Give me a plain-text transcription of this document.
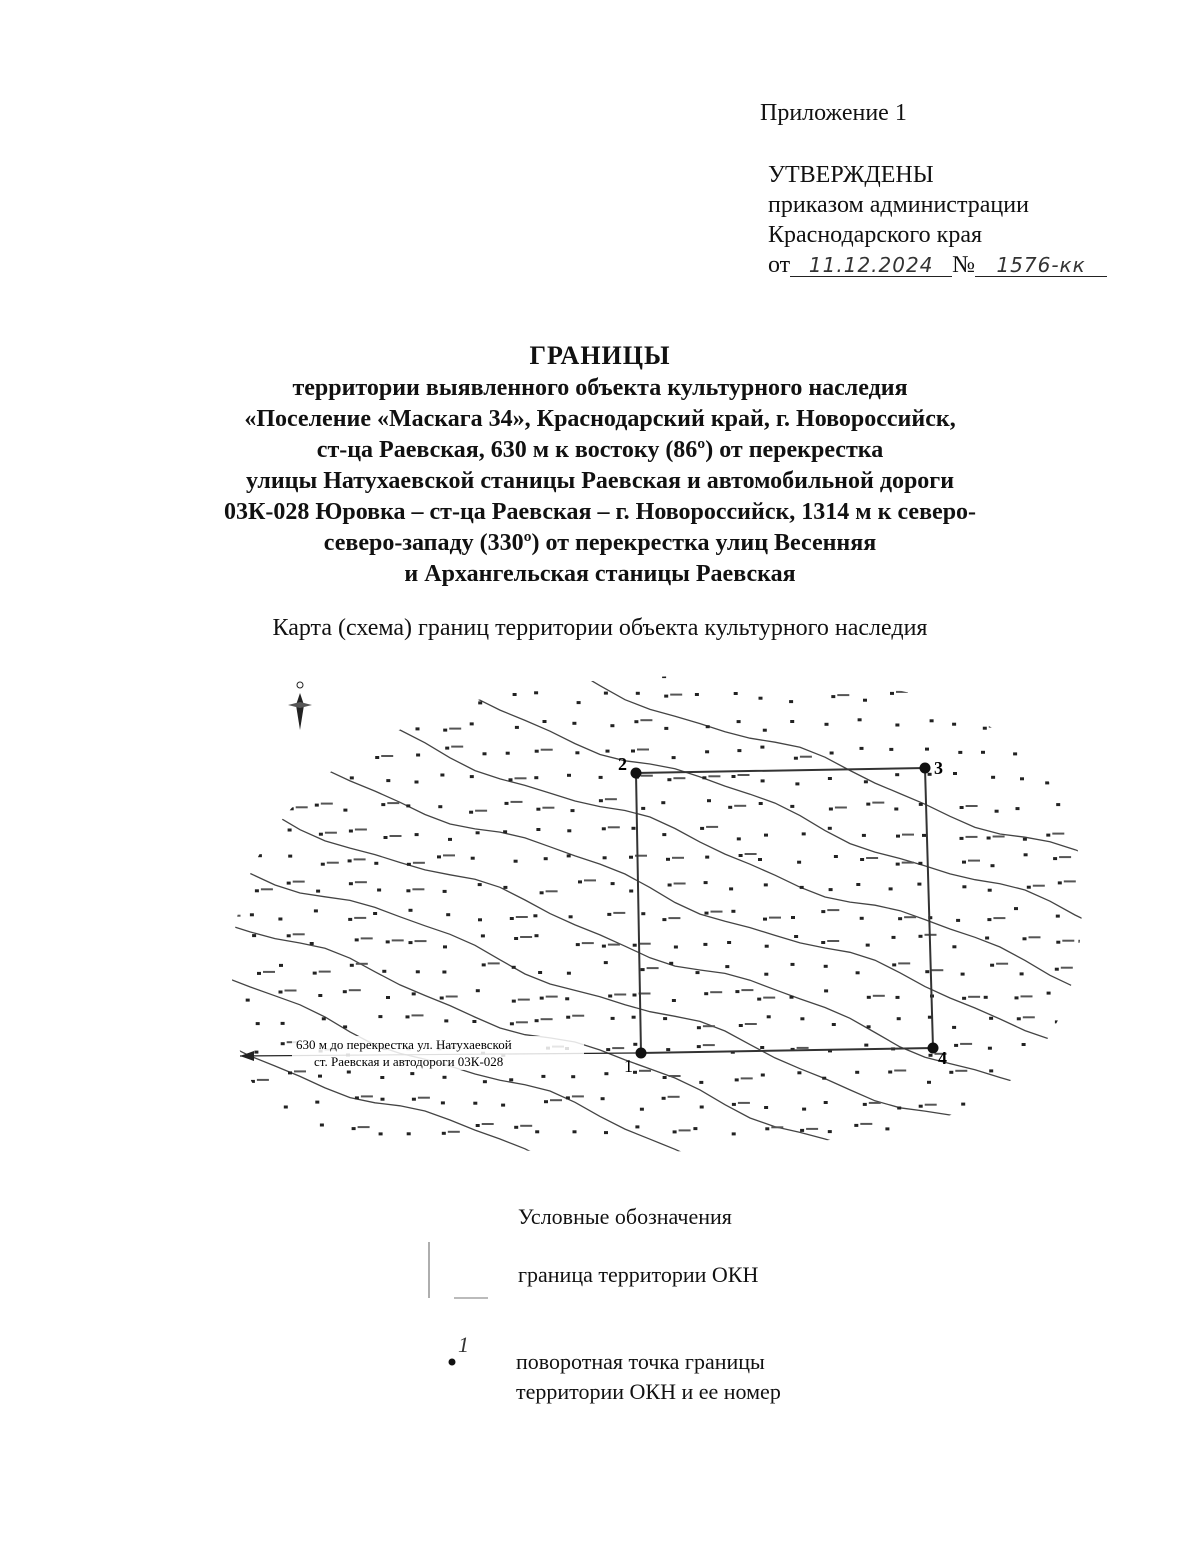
Приложение 1
УТВЕРЖДЕНЫ
приказом администрации
Краснодарского края
от 11.12.2024 № 1576-кк
ГРАНИЦЫ
территории выявленного объекта культурного наследия
«Поселение «Маскага 34», Краснодарский край, г. Новороссийск,
ст-ца Раевская, 630 м к востоку (86º) от перекрестка
улицы Натухаевской станицы Раевская и автомобильной дороги
03К-028 Юровка – ст-ца Раевская – г. Новороссийск, 1314 м к северо-
северо-западу (330º) от перекрестка улиц Весенняя
и Архангельская станицы Раевская
Карта (схема) границ территории объекта культурного наследия
1
2	3
4
630 м до перекрестка ул. Натухаевской
ст. Раевская и автодороги 03К-028
Условные обозначения
граница территории ОКН
1
поворотная точка границы
территории ОКН и ее номер
